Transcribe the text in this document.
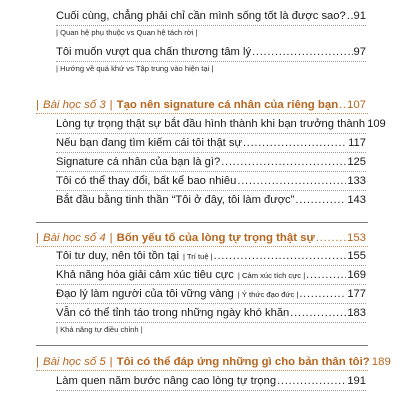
Cuối cùng, chẳng phải chỉ cần mình sống tốt là được sao? . . . 91
| Quan hệ phụ thuộc vs Quan hệ tách rời |
Tôi muốn vượt qua chấn thương tâm lý . . .	97
| Hướng về quá khứ vs Tập trung vào hiện tại |
| Bài học số 3 | Tạo nên signature cá nhân của riêng bạn . . . 107
Lòng tự trọng thật sự bắt đầu hình thành khi bạn trưởng thành 109
Nếu bạn đang tìm kiếm cái tôi thật sự . . .	117
Signature cá nhân của bạn là gì? . . .	125
Tôi có thể thay đổi, bất kể bao nhiêu . . .	133
Bắt đầu bằng tinh thần “Tôi ở đây, tôi làm được” . . .	143
| Bài học số 4 | Bốn yếu tố của lòng tự trọng thật sự . . .	153
Tôi tư duy, nên tôi tồn tại | Trí tuệ | . . .	155
Khả năng hóa giải cảm xúc tiêu cực | Cảm xúc tích cực | . . .	169
Đạo lý làm người của tôi vững vàng | Ý thức đạo đức | . . .	177
Vẫn có thể tỉnh táo trong những ngày khó khăn . . .	183
| Khả năng tự điều chỉnh |
| Bài học số 5 | Tôi có thể đáp ứng những gì cho bản thân tôi? 189
Làm quen năm bước nâng cao lòng tự trọng . . .	191
